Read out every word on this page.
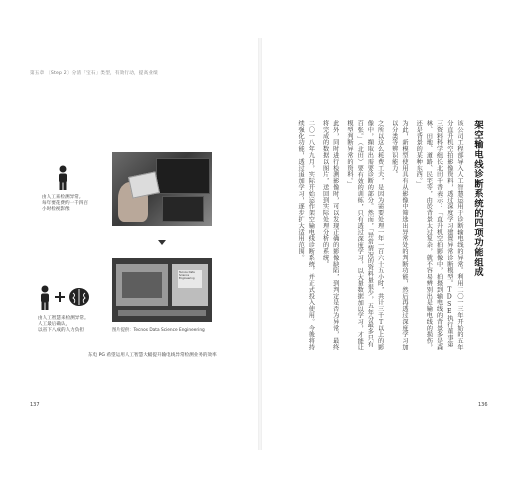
第五章 〔Step 2〕分清「宝石」类型，有效行动，提高业绩
由人工来检测异常。
每年要花费约一千四百
小时检视影像
由人工智慧来检测异常。
人工最后确认，
以省下八成的人力负担
Tecnos Data Science Engineering
图片提供：Tecnos Data Science Engineering
东电 PG 希望运用人工智慧大幅提升输电线异常检测业务的效率
137
架空输电线诊断系统的四项功能组成

该公司工程部导入人工智慧运用于诊断输电线的异常。利用二〇一三年开始的五年分直升机空拍影像资料，透过深度学习建置异常诊断模型。TDSE执行董事第三资料科学组长北田千香表示：「直升机空拍影像中，拍摄到输电线的背景多是森林、田地、道路、民宅等，由於背景太过复杂，就不容易辨别出是输电线的损伤，还是背景的某种东西。」

为此，新模型使用具有从影像中筛选出异常处的判断功能，然后再透过深度学习加以分类等辨识能力。

之所以这么耗费工夫，是因为需要处理一年一百六十五小时，共计三千Ｔ以上的影像中，擷取出需要诊断的部分。然而，「异常情况的资料量很少，五年分最多只有百张。」（北田）要有效的训练，只有透过深度学习，以大量数据加以学习，才能让模型判断异常的资料。」

此外，同时进行检测影像时，可以发现正确的影像缺陷，到判定是否为异常，最终将完成的数据以图片，送回到实际处理分析的系统。

二〇一八年九月，实际开始运作架空输电线诊断系统，并正式投入使用。今後将持续强化功能，透过追加学习，逐步扩大适用范围。

136
